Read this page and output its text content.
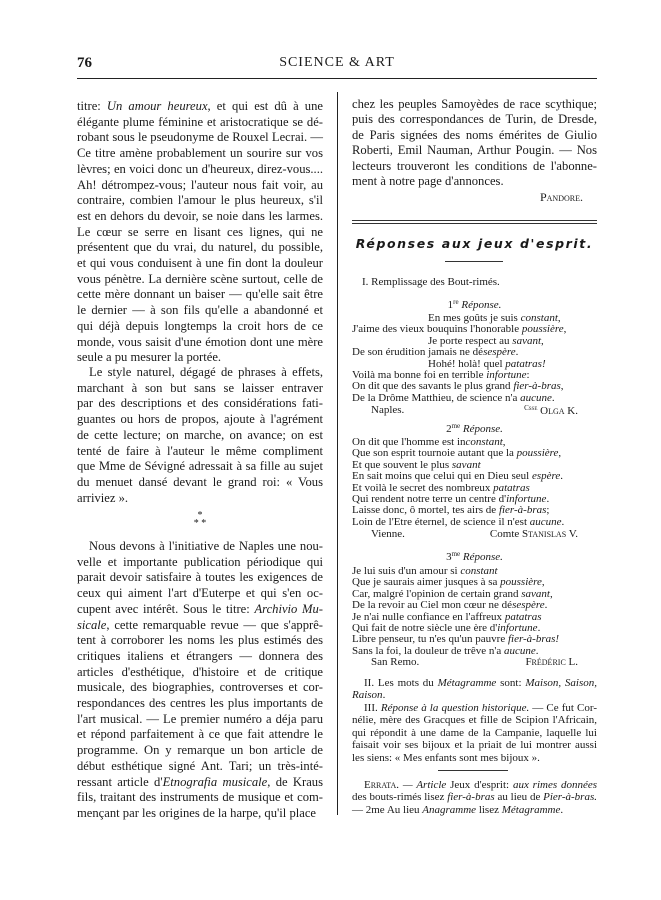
76	SCIENCE & ART
titre: Un amour heureux, et qui est dû à une
élégante plume féminine et aristocratique se dé-
robant sous le pseudonyme de Rouxel Lecrai. —
Ce titre amène probablement un sourire sur vos
lèvres; en voici donc un d'heureux, direz-vous....
Ah! détrompez-vous; l'auteur nous fait voir, au
contraire, combien l'amour le plus heureux, s'il
est en dehors du devoir, se noie dans les larmes.
Le cœur se serre en lisant ces lignes, qui ne
présentent que du vrai, du naturel, du possible,
et qui vous conduisent à une fin dont la douleur
vous pénètre. La dernière scène surtout, celle de
cette mère donnant un baiser — qu'elle sait être
le dernier — à son fils qu'elle a abandonné et
qui déjà depuis longtemps la croit hors de ce
monde, vous saisit d'une émotion dont une mère
seule a pu mesurer la portée.
Le style naturel, dégagé de phrases à effets,
marchant à son but sans se laisser entraver
par des descriptions et des considérations fati-
guantes ou hors de propos, ajoute à l'agrément
de cette lecture; on marche, on avance; on est
tenté de faire à l'auteur le même compliment
que Mme de Sévigné adressait à sa fille au sujet
du menuet dansé devant le grand roi: « Vous
arriviez ».
*
* *
Nous devons à l'initiative de Naples une nou-
velle et importante publication périodique qui
parait devoir satisfaire à toutes les exigences de
ceux qui aiment l'art d'Euterpe et qui s'en oc-
cupent avec intérêt. Sous le titre: Archivio Mu-
sicale, cette remarquable revue — que s'apprê-
tent à corroborer les noms les plus estimés des
critiques italiens et étrangers — donnera des
articles d'esthétique, d'histoire et de critique
musicale, des biographies, controverses et cor-
respondances des centres les plus importants de
l'art musical. — Le premier numéro a déja paru
et répond parfaitement à ce que fait attendre le
programme. On y remarque un bon article de
début esthétique signé Ant. Tari; un très-inté-
ressant article d'Etnografia musicale, de Kraus
fils, traitant des instruments de musique et com-
mençant par les origines de la harpe, qu'il place
chez les peuples Samoyèdes de race scythique;
puis des correspondances de Turin, de Dresde,
de Paris signées des noms émérites de Giulio
Roberti, Emil Nauman, Arthur Pougin. — Nos
lecteurs trouveront les conditions de l'abonne-
ment à notre page d'annonces.
Pandore.
Réponses aux jeux d'esprit.
I. Remplissage des Bout-rimés.
1re Réponse.
En mes goûts je suis constant,
J'aime des vieux bouquins l'honorable poussière,
Je porte respect au savant,
De son érudition jamais ne désespère.
Hohé! holà! quel patatras!
Voilà ma bonne foi en terrible infortune:
On dit que des savants le plus grand fier-à-bras,
De la Drôme Matthieu, de science n'a aucune.
Naples.	$^{Csse}$ Olga K.
$2^{me}$ Réponse.
On dit que l'homme est inconstant,
Que son esprit tournoie autant que la poussière,
Et que souvent le plus savant
En sait moins que celui qui en Dieu seul espère.
Et voilà le secret des nombreux patatras
Qui rendent notre terre un centre d'infortune.
Laisse donc, ô mortel, tes airs de fier-à-bras;
Loin de l'Etre éternel, de science il n'est aucune.
Vienne.	Comte Stanislas V.
$3^{me}$ Réponse.
Je lui suis d'un amour si constant
Que je saurais aimer jusques à sa poussière,
Car, malgré l'opinion de certain grand savant,
De la revoir au Ciel mon cœur ne désespère.
Je n'ai nulle confiance en l'affreux patatras
Qui fait de notre siècle une ère d'infortune.
Libre penseur, tu n'es qu'un pauvre fier-à-bras!
Sans la foi, la douleur de trêve n'a aucune.
San Remo.	Frédéric L.
II. Les mots du Métagramme sont: Maison, Saison,
Raison.
III. Réponse à la question historique. — Ce fut Cor-
nélie, mère des Gracques et fille de Scipion l'Africain,
qui répondit à une dame de la Campanie, laquelle lui
faisait voir ses bijoux et la priait de lui montrer aussi
les siens: « Mes enfants sont mes bijoux ».
Errata. — Article Jeux d'esprit: aux rimes données
des bouts-rimés lisez fier-à-bras au lieu de Pier-à-bras.
— 2me Au lieu Anagramme lisez Métagramme.
